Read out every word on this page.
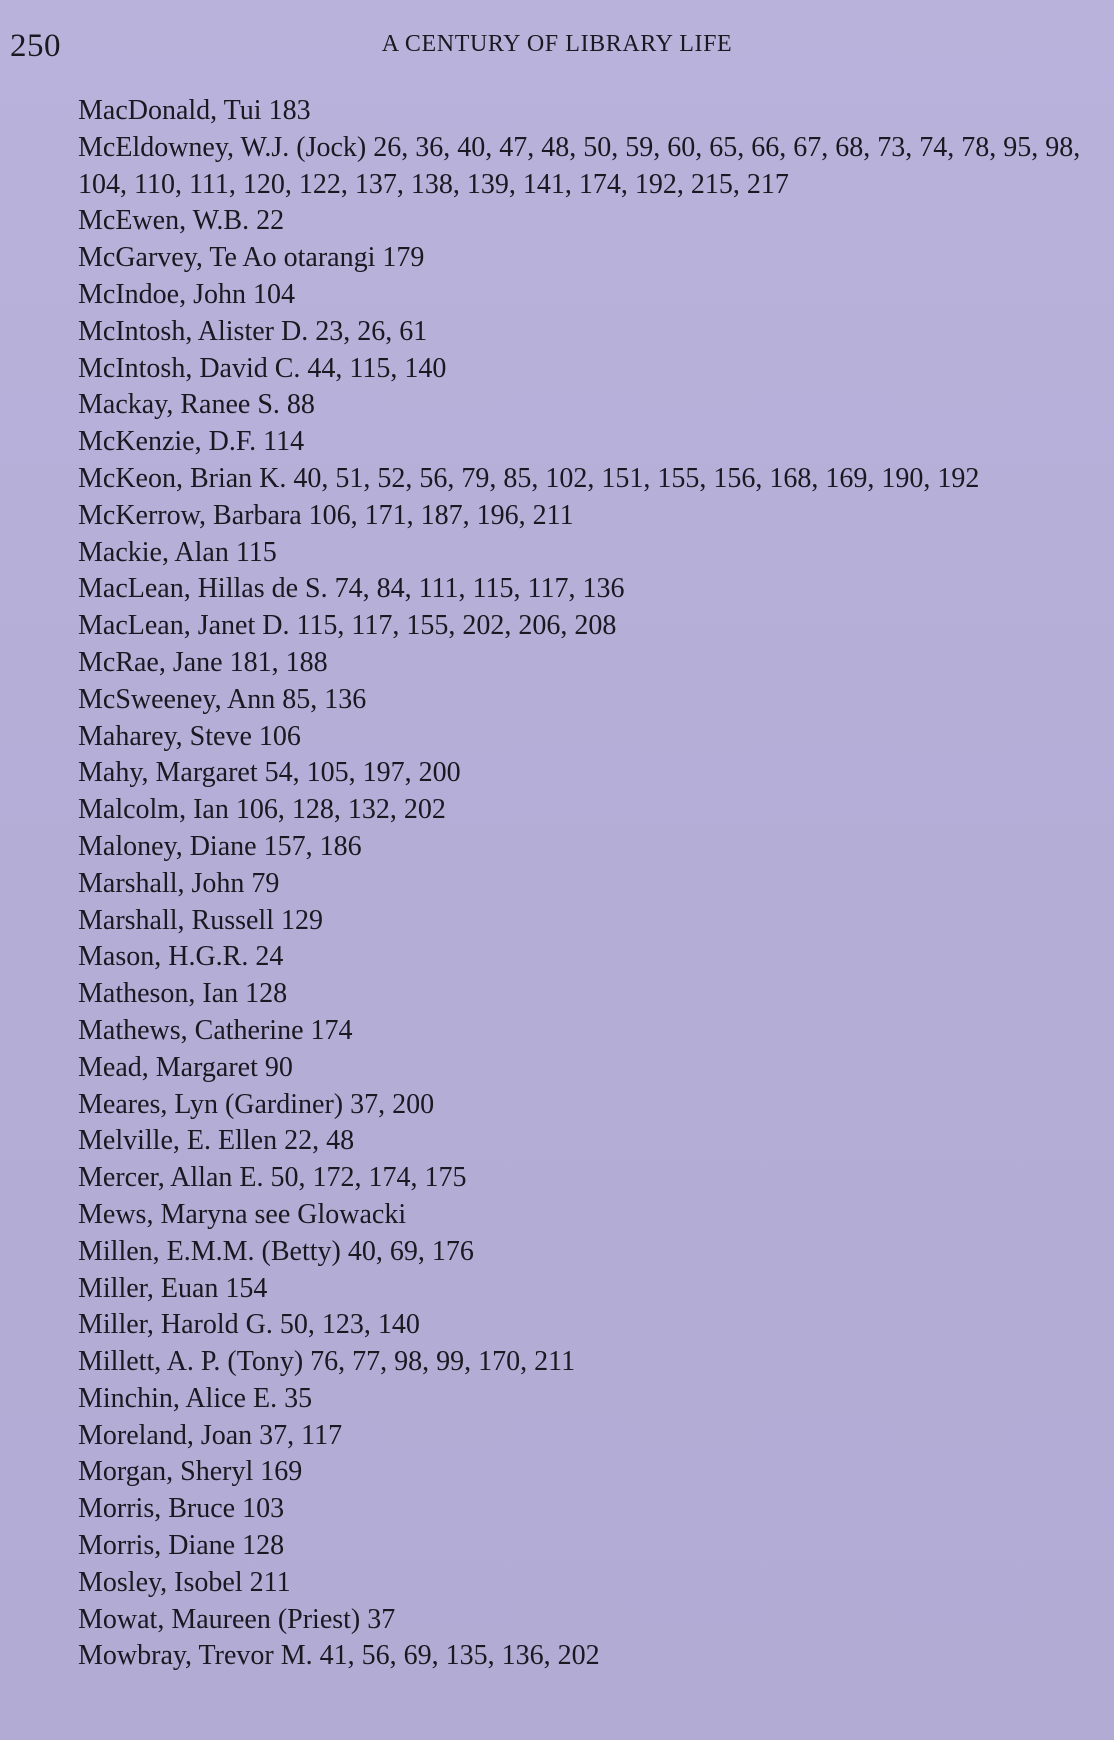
250	A CENTURY OF LIBRARY LIFE
MacDonald, Tui 183
McEldowney, W.J. (Jock) 26, 36, 40, 47, 48, 50, 59, 60, 65, 66, 67, 68, 73, 74, 78, 95, 98, 104, 110, 111, 120, 122, 137, 138, 139, 141, 174, 192, 215, 217
McEwen, W.B. 22
McGarvey, Te Ao otarangi 179
McIndoe, John 104
McIntosh, Alister D. 23, 26, 61
McIntosh, David C. 44, 115, 140
Mackay, Ranee S. 88
McKenzie, D.F. 114
McKeon, Brian K. 40, 51, 52, 56, 79, 85, 102, 151, 155, 156, 168, 169, 190, 192
McKerrow, Barbara 106, 171, 187, 196, 211
Mackie, Alan 115
MacLean, Hillas de S. 74, 84, 111, 115, 117, 136
MacLean, Janet D. 115, 117, 155, 202, 206, 208
McRae, Jane 181, 188
McSweeney, Ann 85, 136
Maharey, Steve 106
Mahy, Margaret 54, 105, 197, 200
Malcolm, Ian 106, 128, 132, 202
Maloney, Diane 157, 186
Marshall, John 79
Marshall, Russell 129
Mason, H.G.R. 24
Matheson, Ian 128
Mathews, Catherine 174
Mead, Margaret 90
Meares, Lyn (Gardiner) 37, 200
Melville, E. Ellen 22, 48
Mercer, Allan E. 50, 172, 174, 175
Mews, Maryna see Glowacki
Millen, E.M.M. (Betty) 40, 69, 176
Miller, Euan 154
Miller, Harold G. 50, 123, 140
Millett, A. P. (Tony) 76, 77, 98, 99, 170, 211
Minchin, Alice E. 35
Moreland, Joan 37, 117
Morgan, Sheryl 169
Morris, Bruce 103
Morris, Diane 128
Mosley, Isobel 211
Mowat, Maureen (Priest) 37
Mowbray, Trevor M. 41, 56, 69, 135, 136, 202
